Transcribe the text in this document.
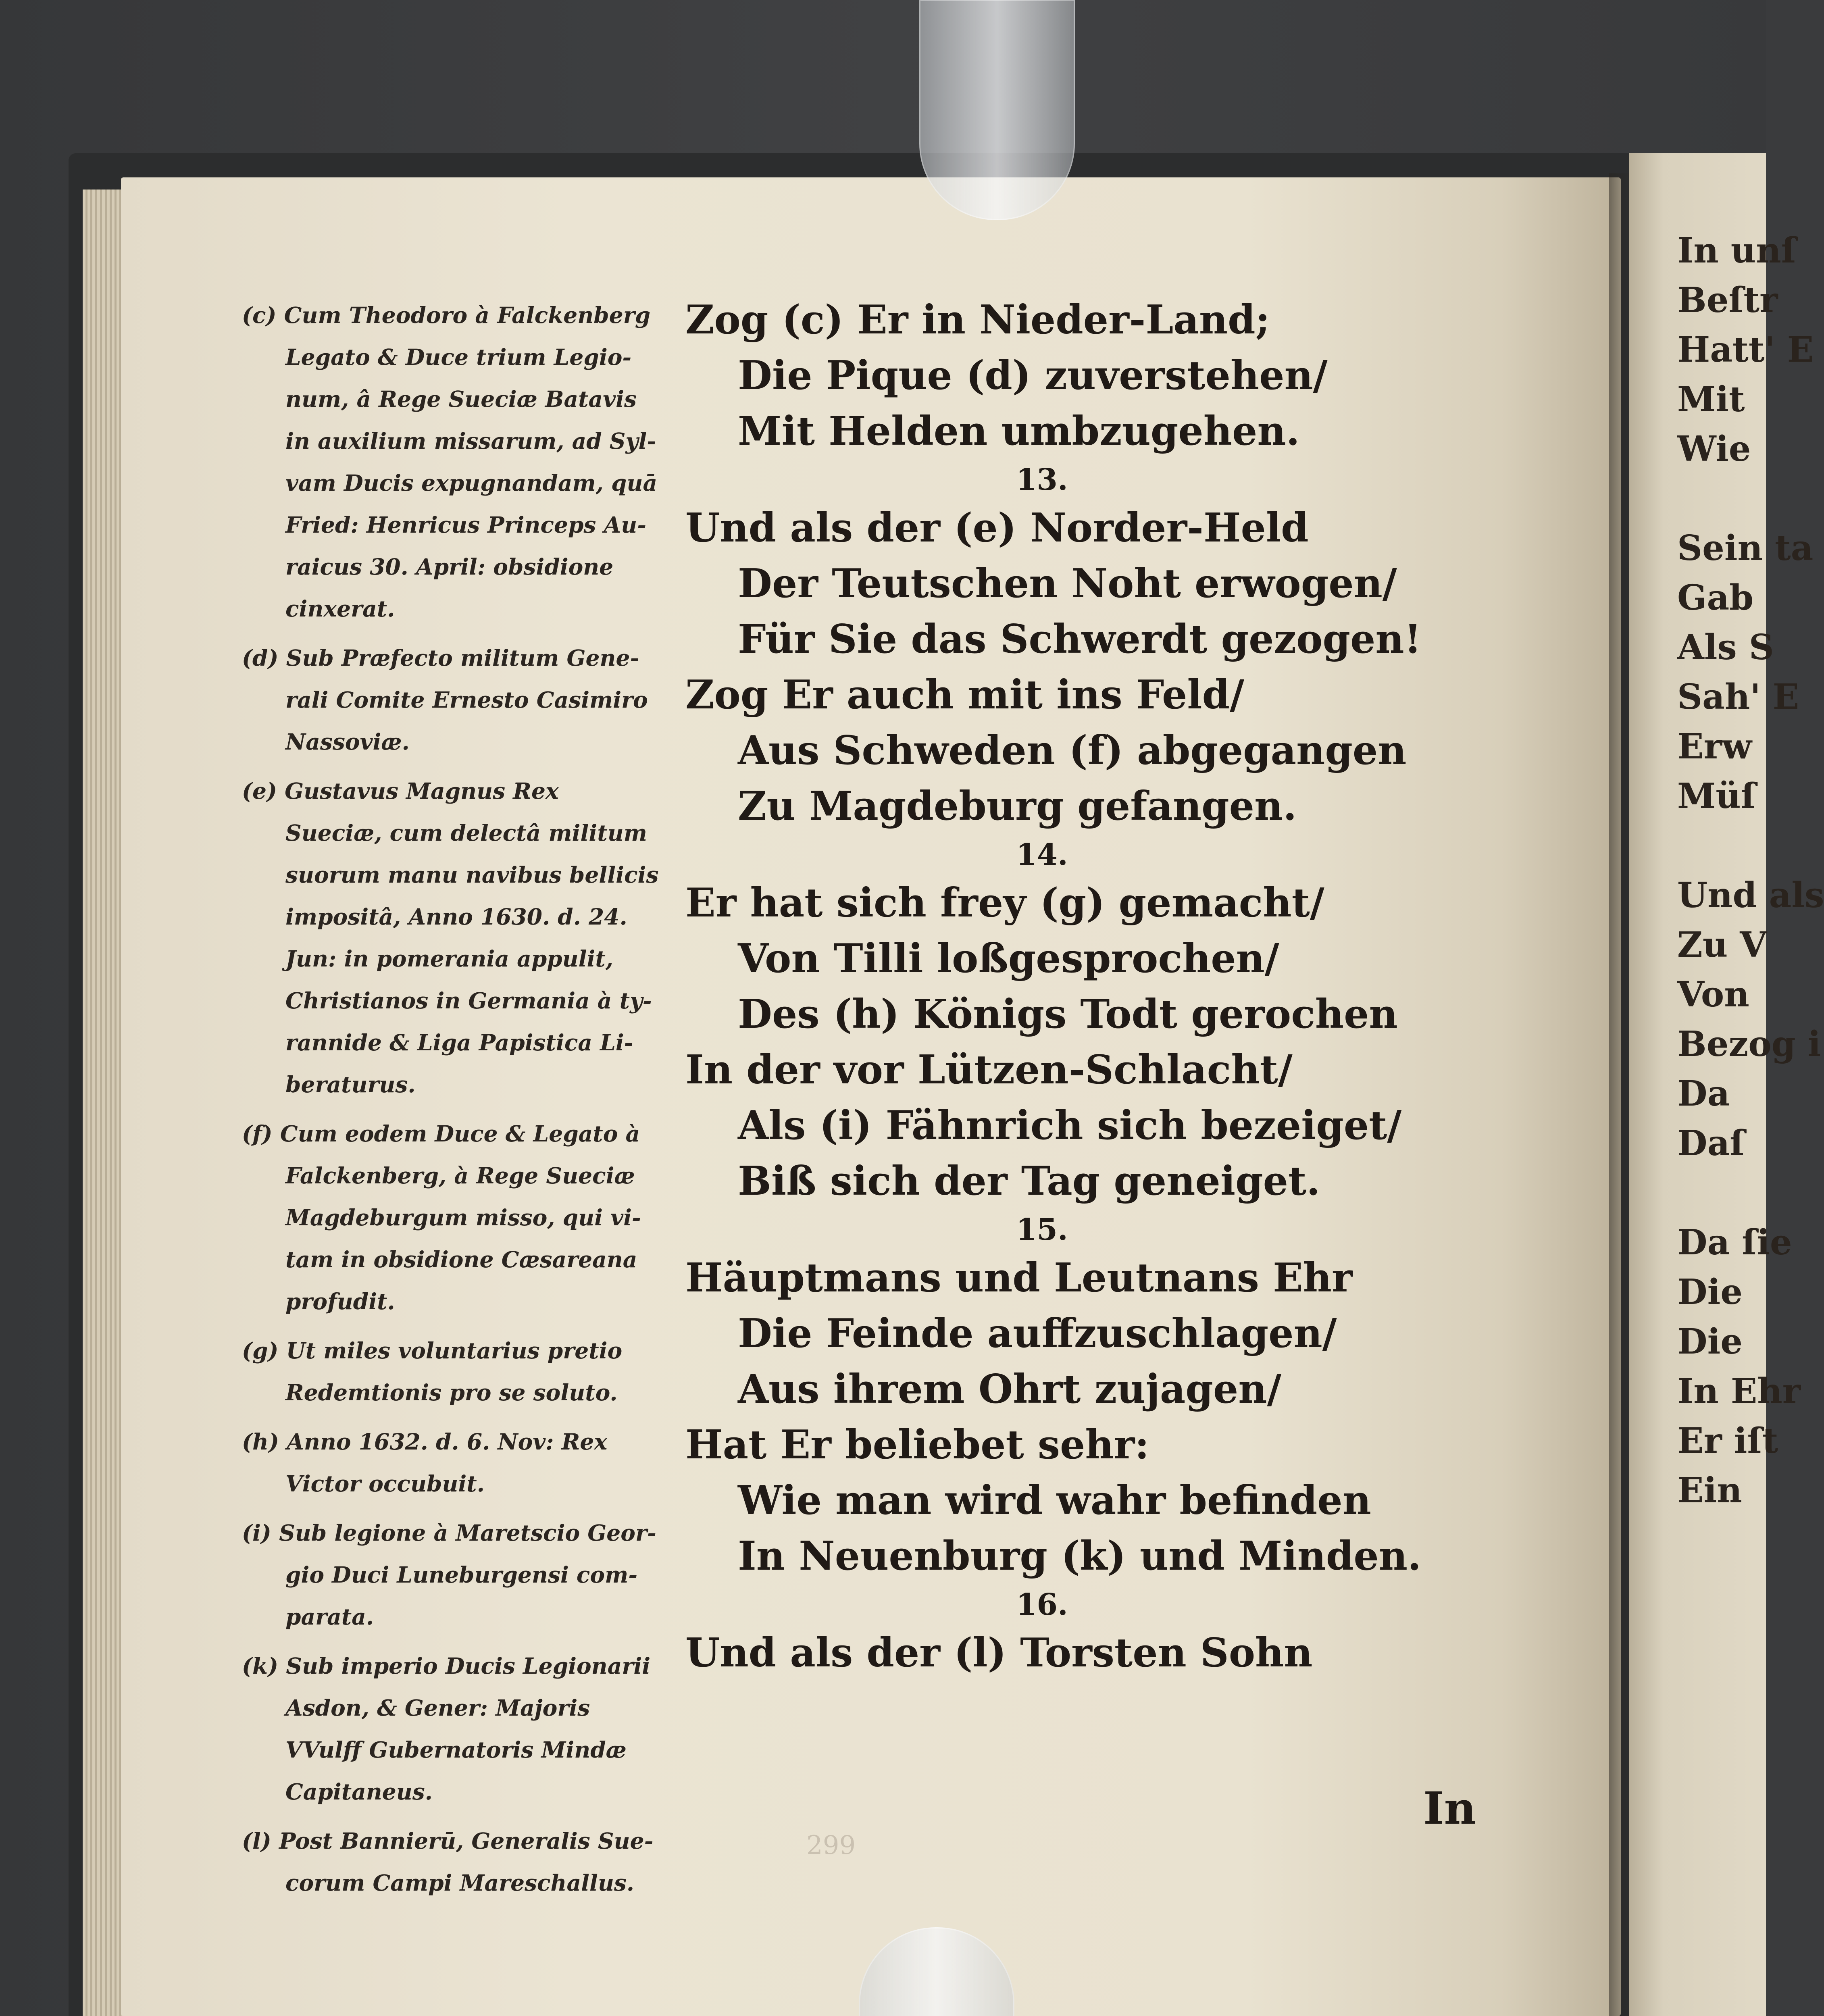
In unſ
Beſtr
Hatt' E
Mit
Wie
Sein ta
Gab
Als S
Sah' E
Erw
Müſ
Und als
Zu V
Von
Bezog i
Da
Daſ
Da ſie
Die
Die
In Ehr
Er iſt
Ein
299
(c) Cum Theodoro à Falckenberg
Legato & Duce trium Legio-
num, â Rege Sueciæ Batavis
in auxilium missarum, ad Syl-
vam Ducis expugnandam, quā
Fried: Henricus Princeps Au-
raicus 30. April: obsidione
cinxerat.
(d) Sub Præfecto militum Gene-
rali Comite Ernesto Casimiro
Nassoviæ.
(e) Gustavus Magnus Rex
Sueciæ, cum delectâ militum
suorum manu navibus bellicis
impositâ, Anno 1630. d. 24.
Jun: in pomerania appulit,
Christianos in Germania à ty-
rannide & Liga Papistica Li-
beraturus.
(f) Cum eodem Duce & Legato à
Falckenberg, à Rege Sueciæ
Magdeburgum misso, qui vi-
tam in obsidione Cæsareana
profudit.
(g) Ut miles voluntarius pretio
Redemtionis pro se soluto.
(h) Anno 1632. d. 6. Nov: Rex
Victor occubuit.
(i) Sub legione à Maretscio Geor-
gio Duci Luneburgensi com-
parata.
(k) Sub imperio Ducis Legionarii
Asdon, & Gener: Majoris
VVulff Gubernatoris Mindæ
Capitaneus.
(l) Post Bannierū, Generalis Sue-
corum Campi Mareschallus.
Zog (c) Er in Nieder-Land;
Die Pique (d) zuverstehen/
Mit Helden umbzugehen.
13.
Und als der (e) Norder-Held
Der Teutschen Noht erwogen/
Für Sie das Schwerdt gezogen!
Zog Er auch mit ins Feld/
Aus Schweden (f) abgegangen
Zu Magdeburg gefangen.
14.
Er hat sich frey (g) gemacht/
Von Tilli loßgesprochen/
Des (h) Königs Todt gerochen
In der vor Lützen-Schlacht/
Als (i) Fähnrich sich bezeiget/
Biß sich der Tag geneiget.
15.
Häuptmans und Leutnans Ehr
Die Feinde auffzuschlagen/
Aus ihrem Ohrt zujagen/
Hat Er beliebet sehr:
Wie man wird wahr befinden
In Neuenburg (k) und Minden.
16.
Und als der (l) Torsten Sohn
In
